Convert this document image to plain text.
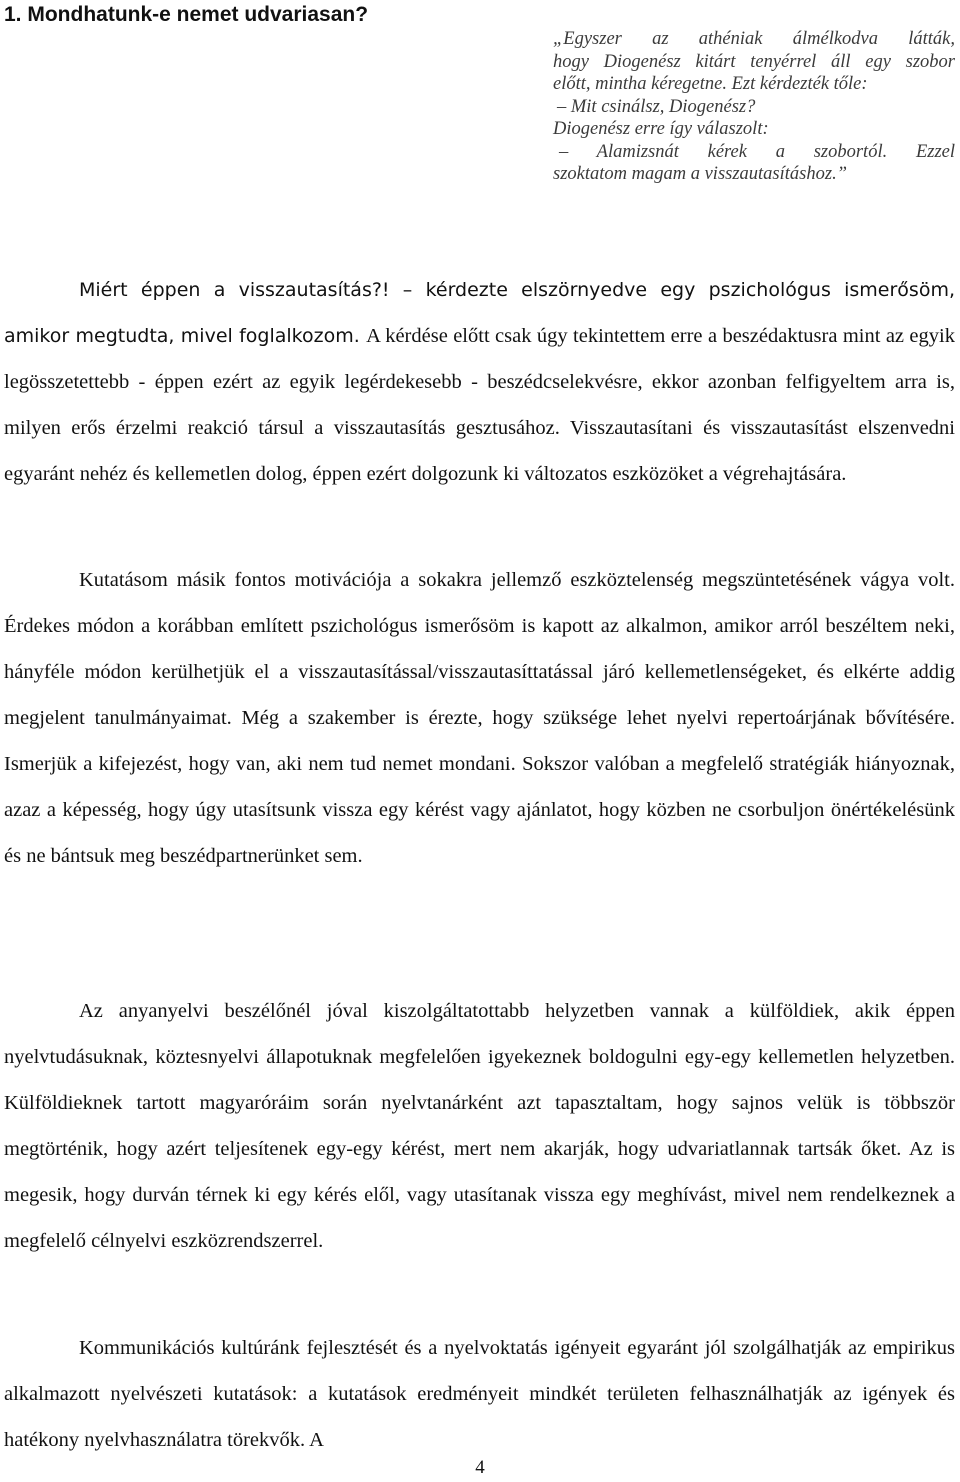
1. Mondhatunk-e nemet udvariasan?
„Egyszer az athéniak álmélkodva látták,
hogy Diogenész kitárt tenyérrel áll egy szobor
előtt, mintha kéregetne. Ezt kérdezték tőle:
– Mit csinálsz, Diogenész?
Diogenész erre így válaszolt:
– Alamizsnát kérek a szobortól. Ezzel
szoktatom magam a visszautasításhoz.”

Miért éppen a visszautasítás?! – kérdezte elszörnyedve egy pszichológus ismerősöm, amikor megtudta, mivel foglalkozom. A kérdése előtt csak úgy tekintettem erre a beszédaktusra mint az egyik legösszetettebb - éppen ezért az egyik legérdekesebb - beszédcselekvésre, ekkor azonban felfigyeltem arra is, milyen erős érzelmi reakció társul a visszautasítás gesztusához. Visszautasítani és visszautasítást elszenvedni egyaránt nehéz és kellemetlen dolog, éppen ezért dolgozunk ki változatos eszközöket a végrehajtására.

Kutatásom másik fontos motivációja a sokakra jellemző eszköztelenség megszüntetésének vágya volt. Érdekes módon a korábban említett pszichológus ismerősöm is kapott az alkalmon, amikor arról beszéltem neki, hányféle módon kerülhetjük el a visszautasítással/visszautasíttatással járó kellemetlenségeket, és elkérte addig megjelent tanulmányaimat. Még a szakember is érezte, hogy szüksége lehet nyelvi repertoárjának bővítésére. Ismerjük a kifejezést, hogy van, aki nem tud nemet mondani. Sokszor valóban a megfelelő stratégiák hiányoznak, azaz a képesség, hogy úgy utasítsunk vissza egy kérést vagy ajánlatot, hogy közben ne csorbuljon önértékelésünk és ne bántsuk meg beszédpartnerünket sem.

Az anyanyelvi beszélőnél jóval kiszolgáltatottabb helyzetben vannak a külföldiek, akik éppen nyelvtudásuknak, köztesnyelvi állapotuknak megfelelően igyekeznek boldogulni egy-egy kellemetlen helyzetben. Külföldieknek tartott magyaróráim során nyelvtanárként azt tapasztaltam, hogy sajnos velük is többször megtörténik, hogy azért teljesítenek egy-egy kérést, mert nem akarják, hogy udvariatlannak tartsák őket. Az is megesik, hogy durván térnek ki egy kérés elől, vagy utasítanak vissza egy meghívást, mivel nem rendelkeznek a megfelelő célnyelvi eszközrendszerrel.

Kommunikációs kultúránk fejlesztését és a nyelvoktatás igényeit egyaránt jól szolgálhatják az empirikus alkalmazott nyelvészeti kutatások: a kutatások eredményeit mindkét területen felhasználhatják az igények és hatékony nyelvhasználatra törekvők. A

4
